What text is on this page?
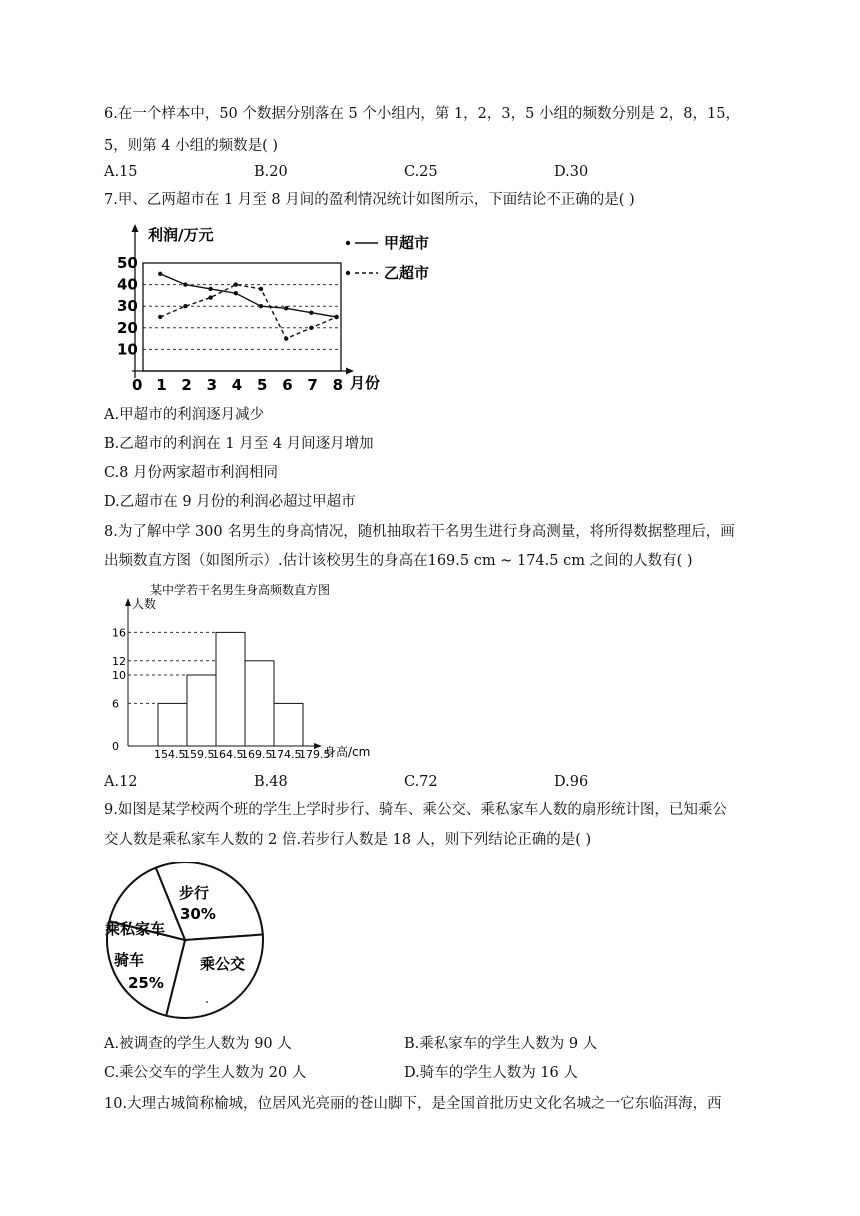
6.在一个样本中，50 个数据分别落在 5 个小组内，第 1，2，3，5 小组的频数分别是 2，8，15，
5，则第 4 小组的频数是( )
A.15	B.20	C.25	D.30
7.甲、乙两超市在 1 月至 8 月间的盈利情况统计如图所示，下面结论不正确的是( )
利润/万元
月份
10
20
30
40
50
0 1 2 3 4 5 6 7 8
甲超市
乙超市
A.甲超市的利润逐月减少
B.乙超市的利润在 1 月至 4 月间逐月增加
C.8 月份两家超市利润相同
D.乙超市在 9 月份的利润必超过甲超市
8.为了解中学 300 名男生的身高情况，随机抽取若干名男生进行身高测量，将所得数据整理后，画
出频数直方图（如图所示）.估计该校男生的身高在169.5 cm ~ 174.5 cm 之间的人数有( )
某中学若干名男生身高频数直方图
人数
身高/cm
0
6
10
12
16
154.5
159.5
164.5
169.5
174.5
179.5
A.12	B.48	C.72	D.96
9.如图是某学校两个班的学生上学时步行、骑车、乘公交、乘私家车人数的扇形统计图，已知乘公
交人数是乘私家车人数的 2 倍.若步行人数是 18 人，则下列结论正确的是( )
步行
30%
乘公交
骑车
25%
乘私家车
A.被调查的学生人数为 90 人	B.乘私家车的学生人数为 9 人
C.乘公交车的学生人数为 20 人	D.骑车的学生人数为 16 人
10.大理古城简称榆城，位居风光亮丽的苍山脚下，是全国首批历史文化名城之一它东临洱海，西
